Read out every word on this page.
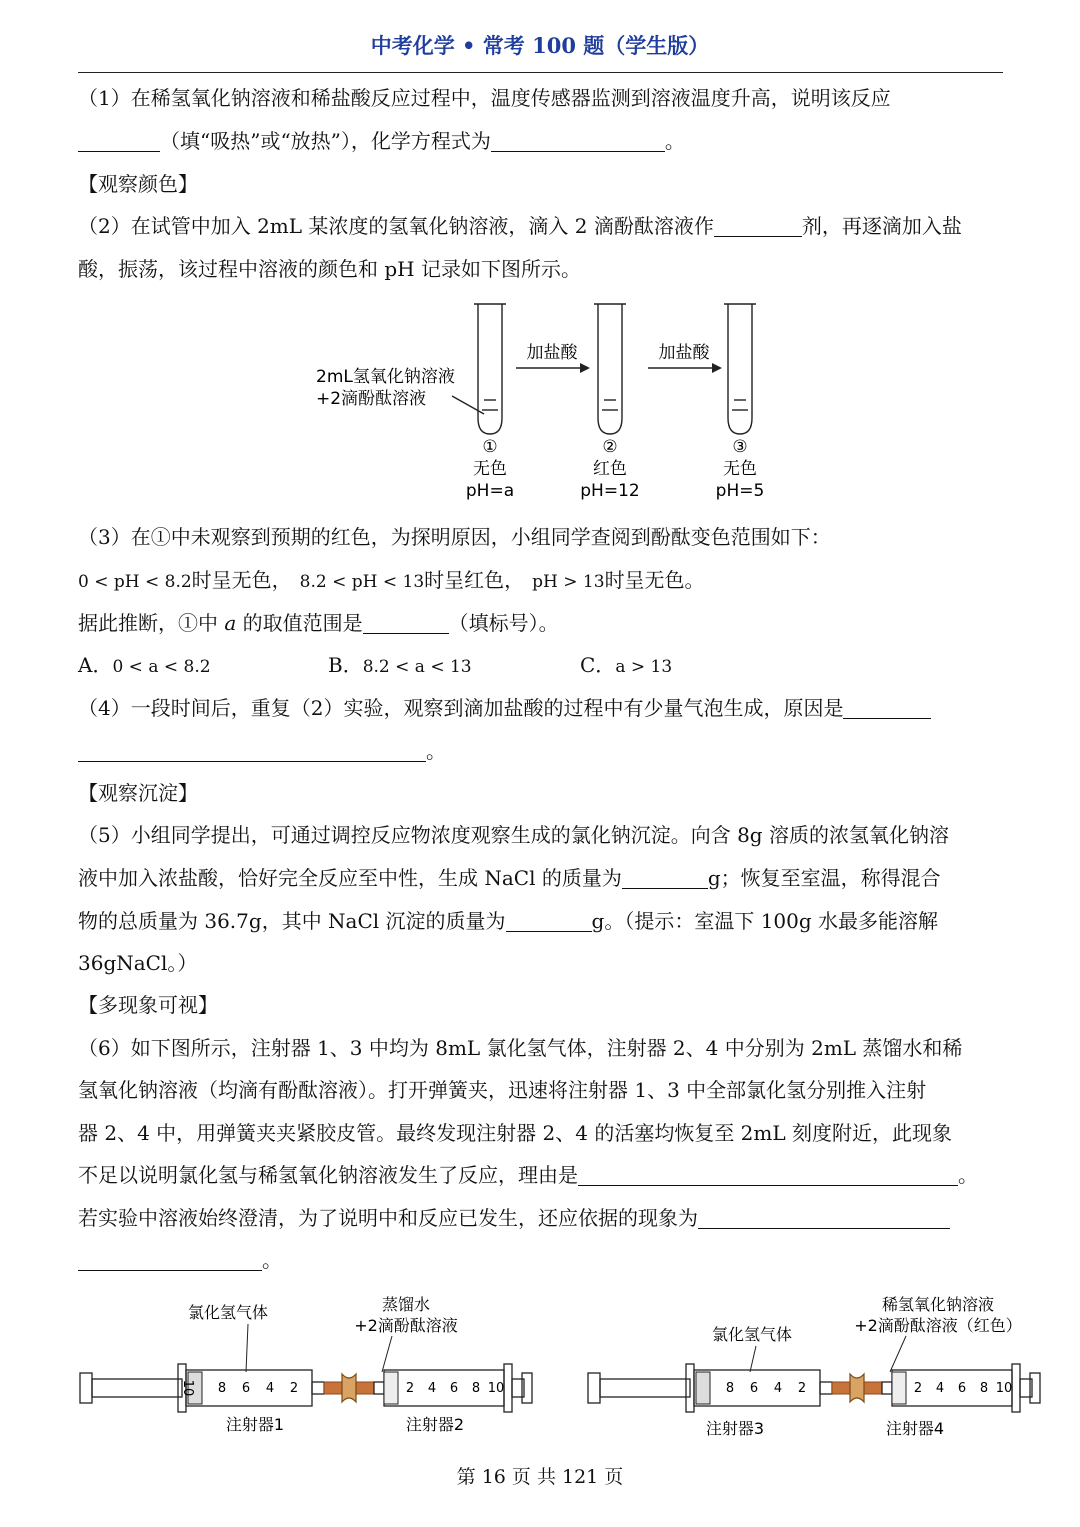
中考化学 • 常考 100 题（学生版）
（1）在稀氢氧化钠溶液和稀盐酸反应过程中，温度传感器监测到溶液温度升高，说明该反应
（填“吸热”或“放热”），化学方程式为	。
【观察颜色】
（2）在试管中加入 2mL 某浓度的氢氧化钠溶液，滴入 2 滴酚酞溶液作	剂，再逐滴加入盐
酸，振荡，该过程中溶液的颜色和 pH 记录如下图所示。
加盐酸	加盐酸
2mL氢氧化钠溶液
+2滴酚酞溶液
①
无色
pH=a
②
红色
pH=12
③
无色
pH=5
（3）在①中未观察到预期的红色，为探明原因，小组同学查阅到酚酞变色范围如下：
0 < pH < 8.2时呈无色， 8.2 < pH < 13时呈红色， pH > 13时呈无色。
据此推断，①中 a 的取值范围是	（填标号）。
A．0 < a < 8.2	B．8.2 < a < 13	C．a > 13
（4）一段时间后，重复（2）实验，观察到滴加盐酸的过程中有少量气泡生成，原因是
。
【观察沉淀】
（5）小组同学提出，可通过调控反应物浓度观察生成的氯化钠沉淀。向含 8g 溶质的浓氢氧化钠溶
液中加入浓盐酸，恰好完全反应至中性，生成 NaCl 的质量为	g；恢复至室温，称得混合
物的总质量为 36.7g，其中 NaCl 沉淀的质量为	g。（提示：室温下 100g 水最多能溶解
36gNaCl。）
【多现象可视】
（6）如下图所示，注射器 1、3 中均为 8mL 氯化氢气体，注射器 2、4 中分别为 2mL 蒸馏水和稀
氢氧化钠溶液（均滴有酚酞溶液）。打开弹簧夹，迅速将注射器 1、3 中全部氯化氢分别推入注射
器 2、4 中，用弹簧夹夹紧胶皮管。最终发现注射器 2、4 的活塞均恢复至 2mL 刻度附近，此现象
不足以说明氯化氢与稀氢氧化钠溶液发生了反应，理由是	。
若实验中溶液始终澄清，为了说明中和反应已发生，还应依据的现象为
。
氯化氢气体	蒸馏水
+2滴酚酞溶液
注射器1	注射器2
氯化氢气体
稀氢氧化钠溶液
+2滴酚酞溶液（红色）
注射器3	注射器4
10 8 6 4 2	2 4 6 8 10	8 6 4 2	2 4 6 8 10
第 16 页 共 121 页
